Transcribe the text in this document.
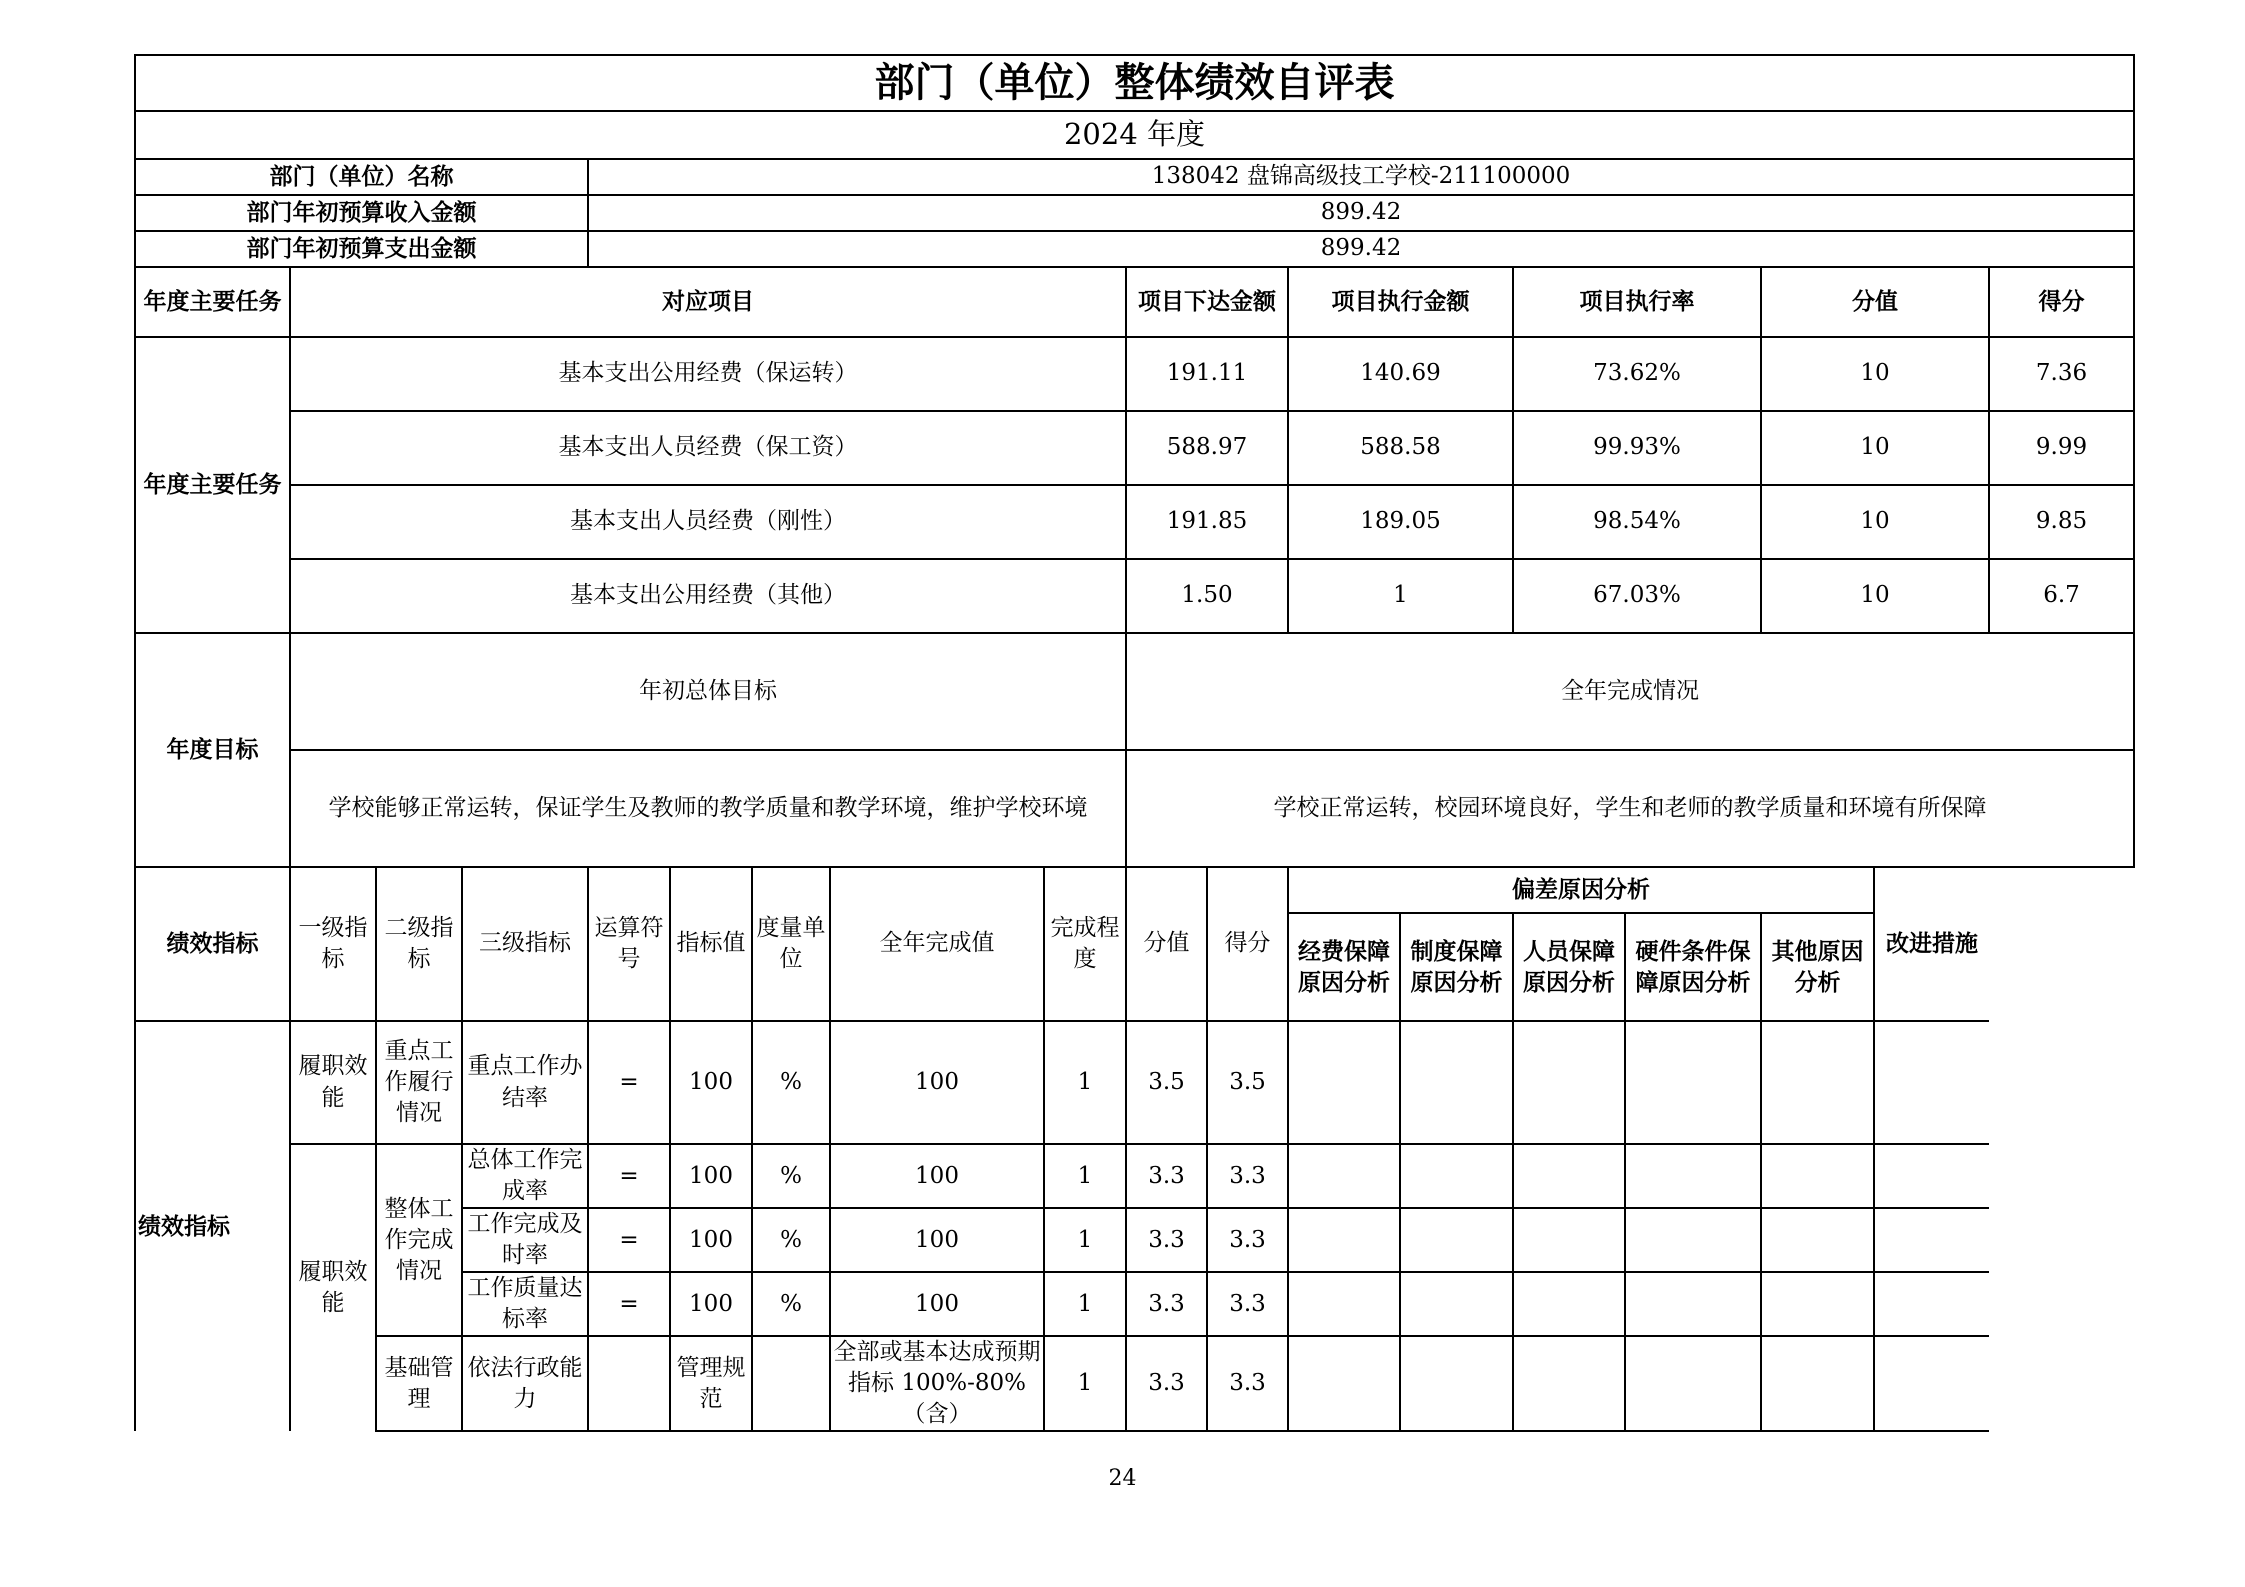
部门（单位）整体绩效自评表																	
2024 年度																	
部门（单位）名称				138042 盘锦高级技工学校-211100000													
部门年初预算收入金额				899.42													
部门年初预算支出金额				899.42													
年度主要任务	对应项目								项目下达金额		项目执行金额		项目执行率		分值		得分
年度主要任务	基本支出公用经费（保运转）								191.11		140.69		73.62%		10		7.36
	基本支出人员经费（保工资）								588.97		588.58		99.93%		10		9.99
	基本支出人员经费（刚性）								191.85		189.05		98.54%		10		9.85
	基本支出公用经费（其他）								1.50		1		67.03%		10		6.7
年度目标	年初总体目标								全年完成情况								
	学校能够正常运转，保证学生及教师的教学质量和教学环境，维护学校环境								学校正常运转，校园环境良好，学生和老师的教学质量和环境有所保障								
绩效指标	一级指标	二级指标	三级指标	运算符号	指标值	度量单位	全年完成值	完成程度	分值	得分	偏差原因分析					改进措施	
											经费保障原因分析	制度保障原因分析	人员保障原因分析	硬件条件保障原因分析	其他原因分析		
绩效指标	履职效能	重点工作履行情况	重点工作办结率	=	100	%	100	1	3.5	3.5							
	履职效能	整体工作完成情况	总体工作完成率	=	100	%	100	1	3.3	3.3							
			工作完成及时率	=	100	%	100	1	3.3	3.3							
			工作质量达标率	=	100	%	100	1	3.3	3.3							
		基础管理	依法行政能力		管理规范		全部或基本达成预期指标 100%-80%（含）	1	3.3	3.3							
24
